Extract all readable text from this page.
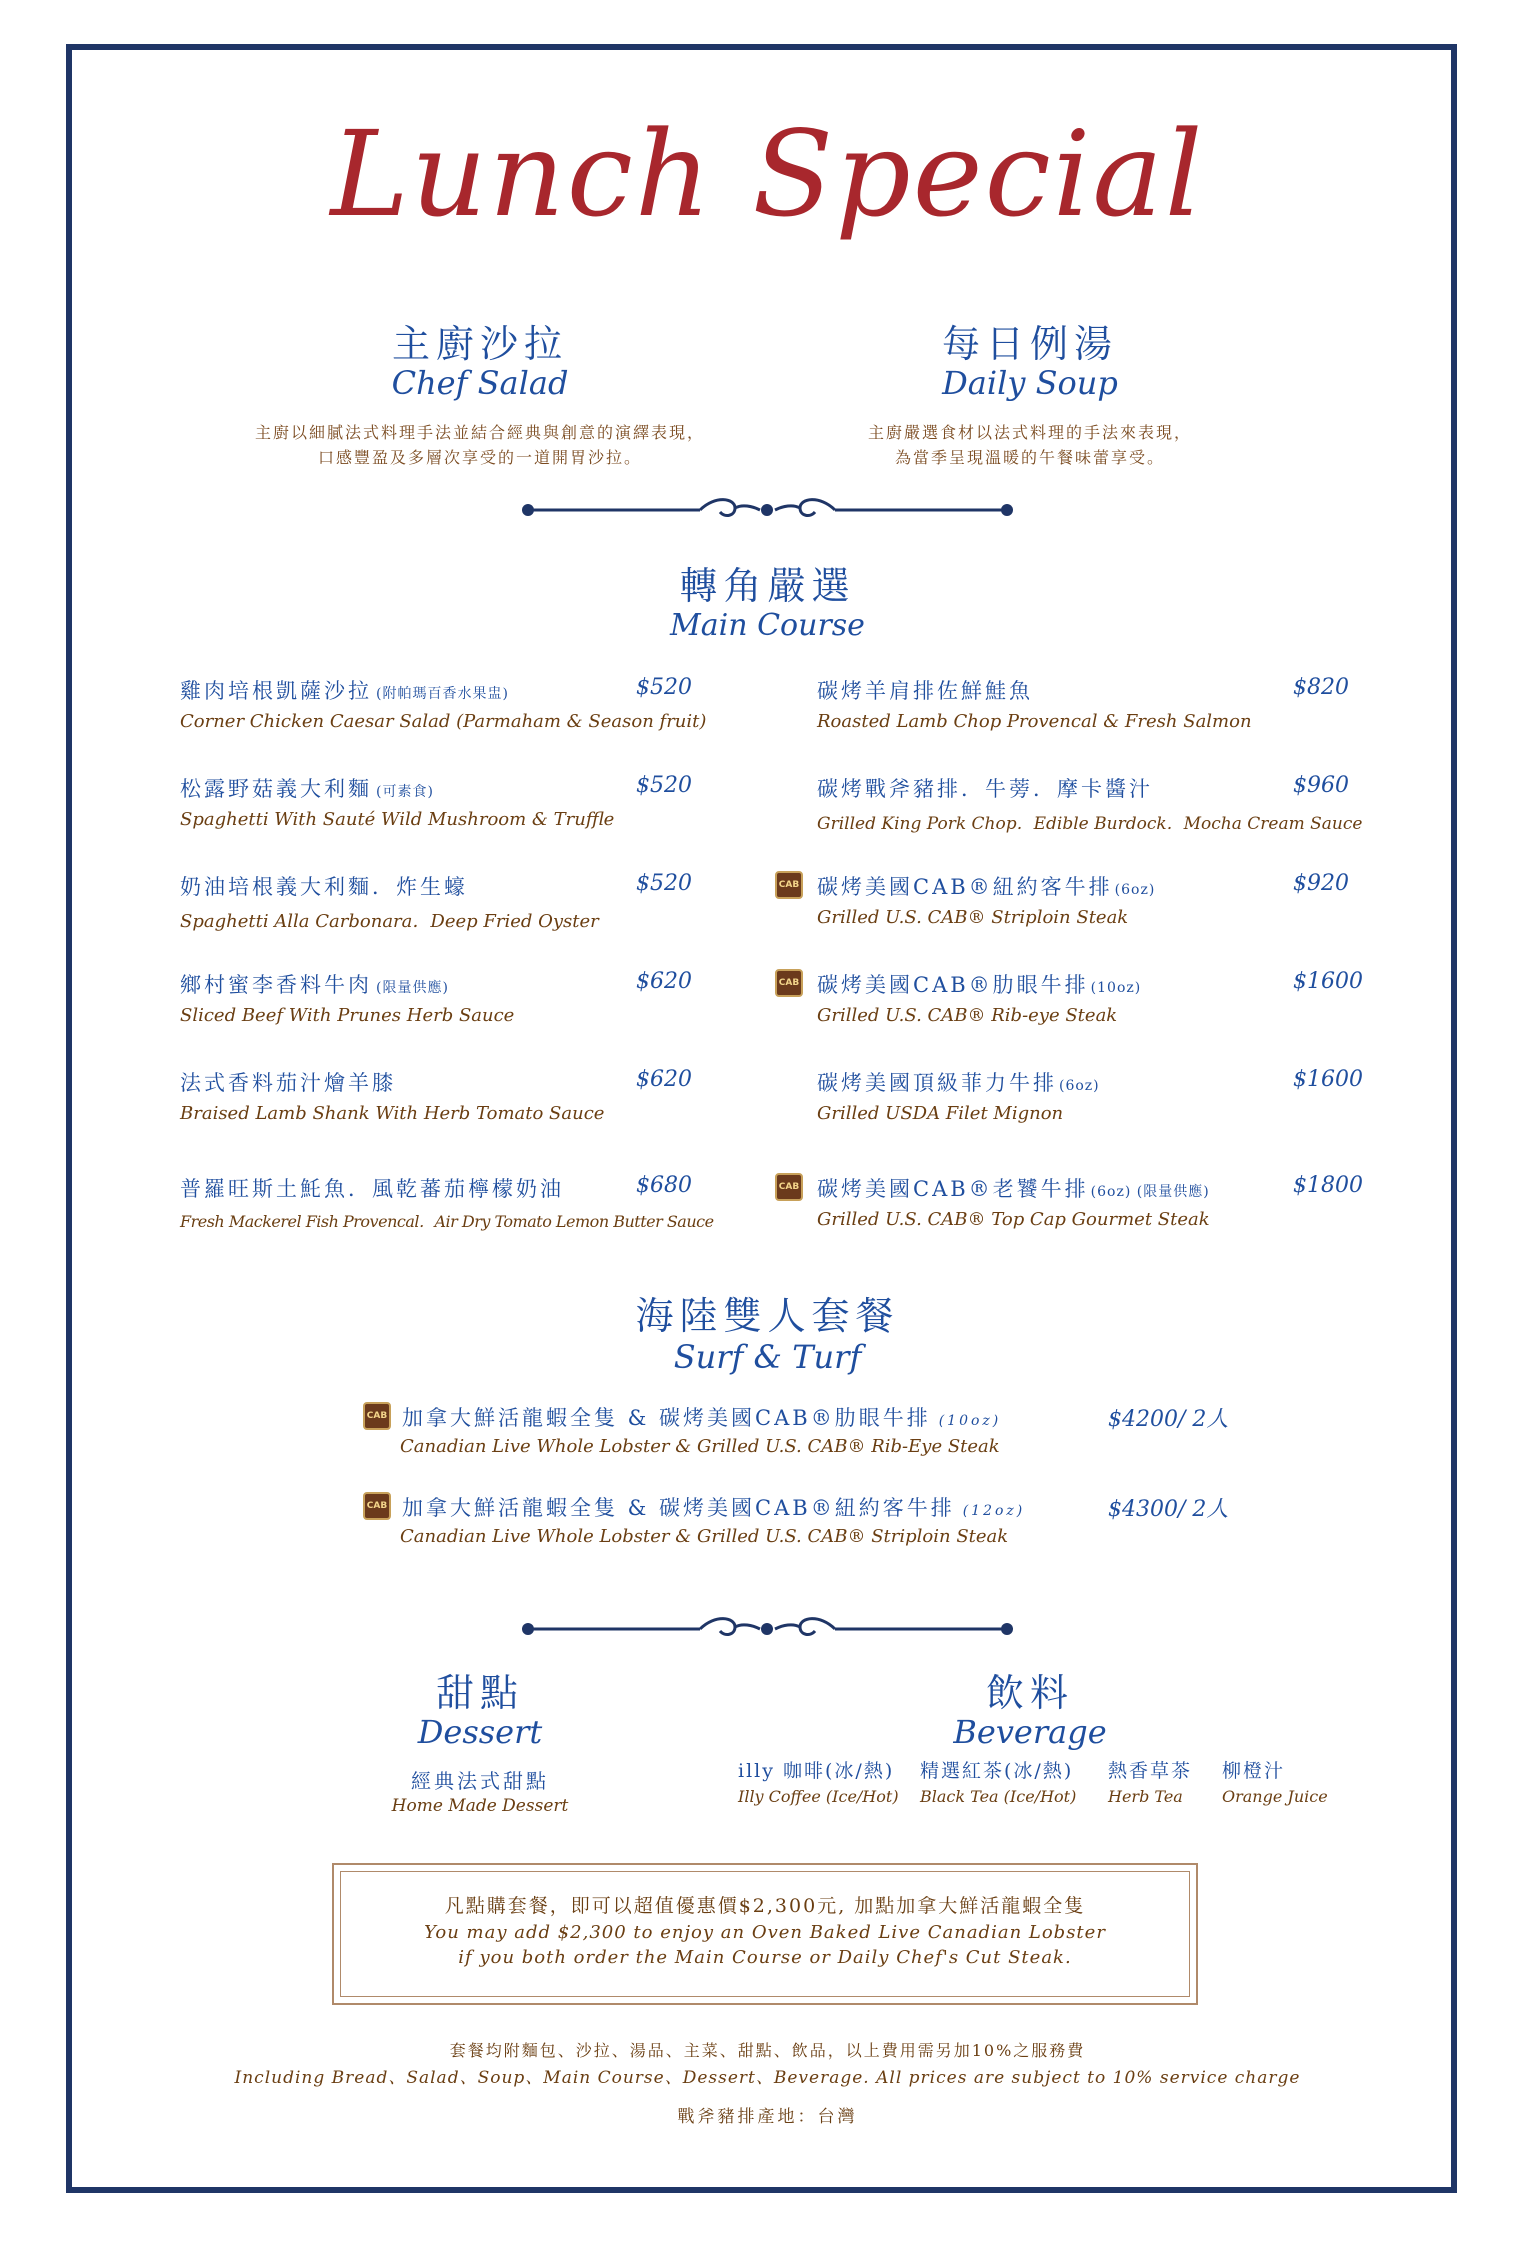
Lunch Special
主廚沙拉
Chef Salad
主廚以細膩法式料理手法並結合經典與創意的演繹表現，
口感豐盈及多層次享受的一道開胃沙拉。
每日例湯
Daily Soup
主廚嚴選食材以法式料理的手法來表現，
為當季呈現溫暖的午餐味蕾享受。
轉角嚴選
Main Course
雞肉培根凱薩沙拉 (附帕瑪百香水果盅)
Corner Chicken Caesar Salad (Parmaham & Season fruit)
$520
松露野菇義大利麵 (可素食)
Spaghetti With Sauté Wild Mushroom & Truffle
$520
奶油培根義大利麵．炸生蠔
Spaghetti Alla Carbonara．Deep Fried Oyster
$520
鄉村蜜李香料牛肉 (限量供應)
Sliced Beef With Prunes Herb Sauce
$620
法式香料茄汁燴羊膝
Braised Lamb Shank With Herb Tomato Sauce
$620
普羅旺斯土魠魚．風乾蕃茄檸檬奶油
Fresh Mackerel Fish Provencal．Air Dry Tomato Lemon Butter Sauce
$680
碳烤羊肩排佐鮮鮭魚
Roasted Lamb Chop Provencal & Fresh Salmon
$820
碳烤戰斧豬排．牛蒡．摩卡醬汁
Grilled King Pork Chop．Edible Burdock．Mocha Cream Sauce
$960
CAB 碳烤美國CAB®紐約客牛排 (6oz)
Grilled U.S. CAB® Striploin Steak
$920
CAB 碳烤美國CAB®肋眼牛排 (10oz)
Grilled U.S. CAB® Rib-eye Steak
$1600
碳烤美國頂級菲力牛排 (6oz)
Grilled USDA Filet Mignon
$1600
CAB 碳烤美國CAB®老饕牛排 (6oz) (限量供應)
Grilled U.S. CAB® Top Cap Gourmet Steak
$1800
海陸雙人套餐
Surf & Turf
CAB 加拿大鮮活龍蝦全隻 & 碳烤美國CAB®肋眼牛排 (10oz)
Canadian Live Whole Lobster & Grilled U.S. CAB® Rib-Eye Steak
$4200/ 2人
CAB 加拿大鮮活龍蝦全隻 & 碳烤美國CAB®紐約客牛排 (12oz)
Canadian Live Whole Lobster & Grilled U.S. CAB® Striploin Steak
$4300/ 2人
甜點
Dessert
經典法式甜點
Home Made Dessert
飲料
Beverage
illy 咖啡(冰/熱)
Illy Coffee (Ice/Hot)
精選紅茶(冰/熱)
Black Tea (Ice/Hot)
熱香草茶
Herb Tea
柳橙汁
Orange Juice
凡點購套餐，即可以超值優惠價$2,300元, 加點加拿大鮮活龍蝦全隻
You may add $2,300 to enjoy an Oven Baked Live Canadian Lobster
if you both order the Main Course or Daily Chef's Cut Steak.
套餐均附麵包、沙拉、湯品、主菜、甜點、飲品，以上費用需另加10%之服務費
Including Bread、Salad、Soup、Main Course、Dessert、Beverage. All prices are subject to 10% service charge
戰斧豬排產地：台灣
